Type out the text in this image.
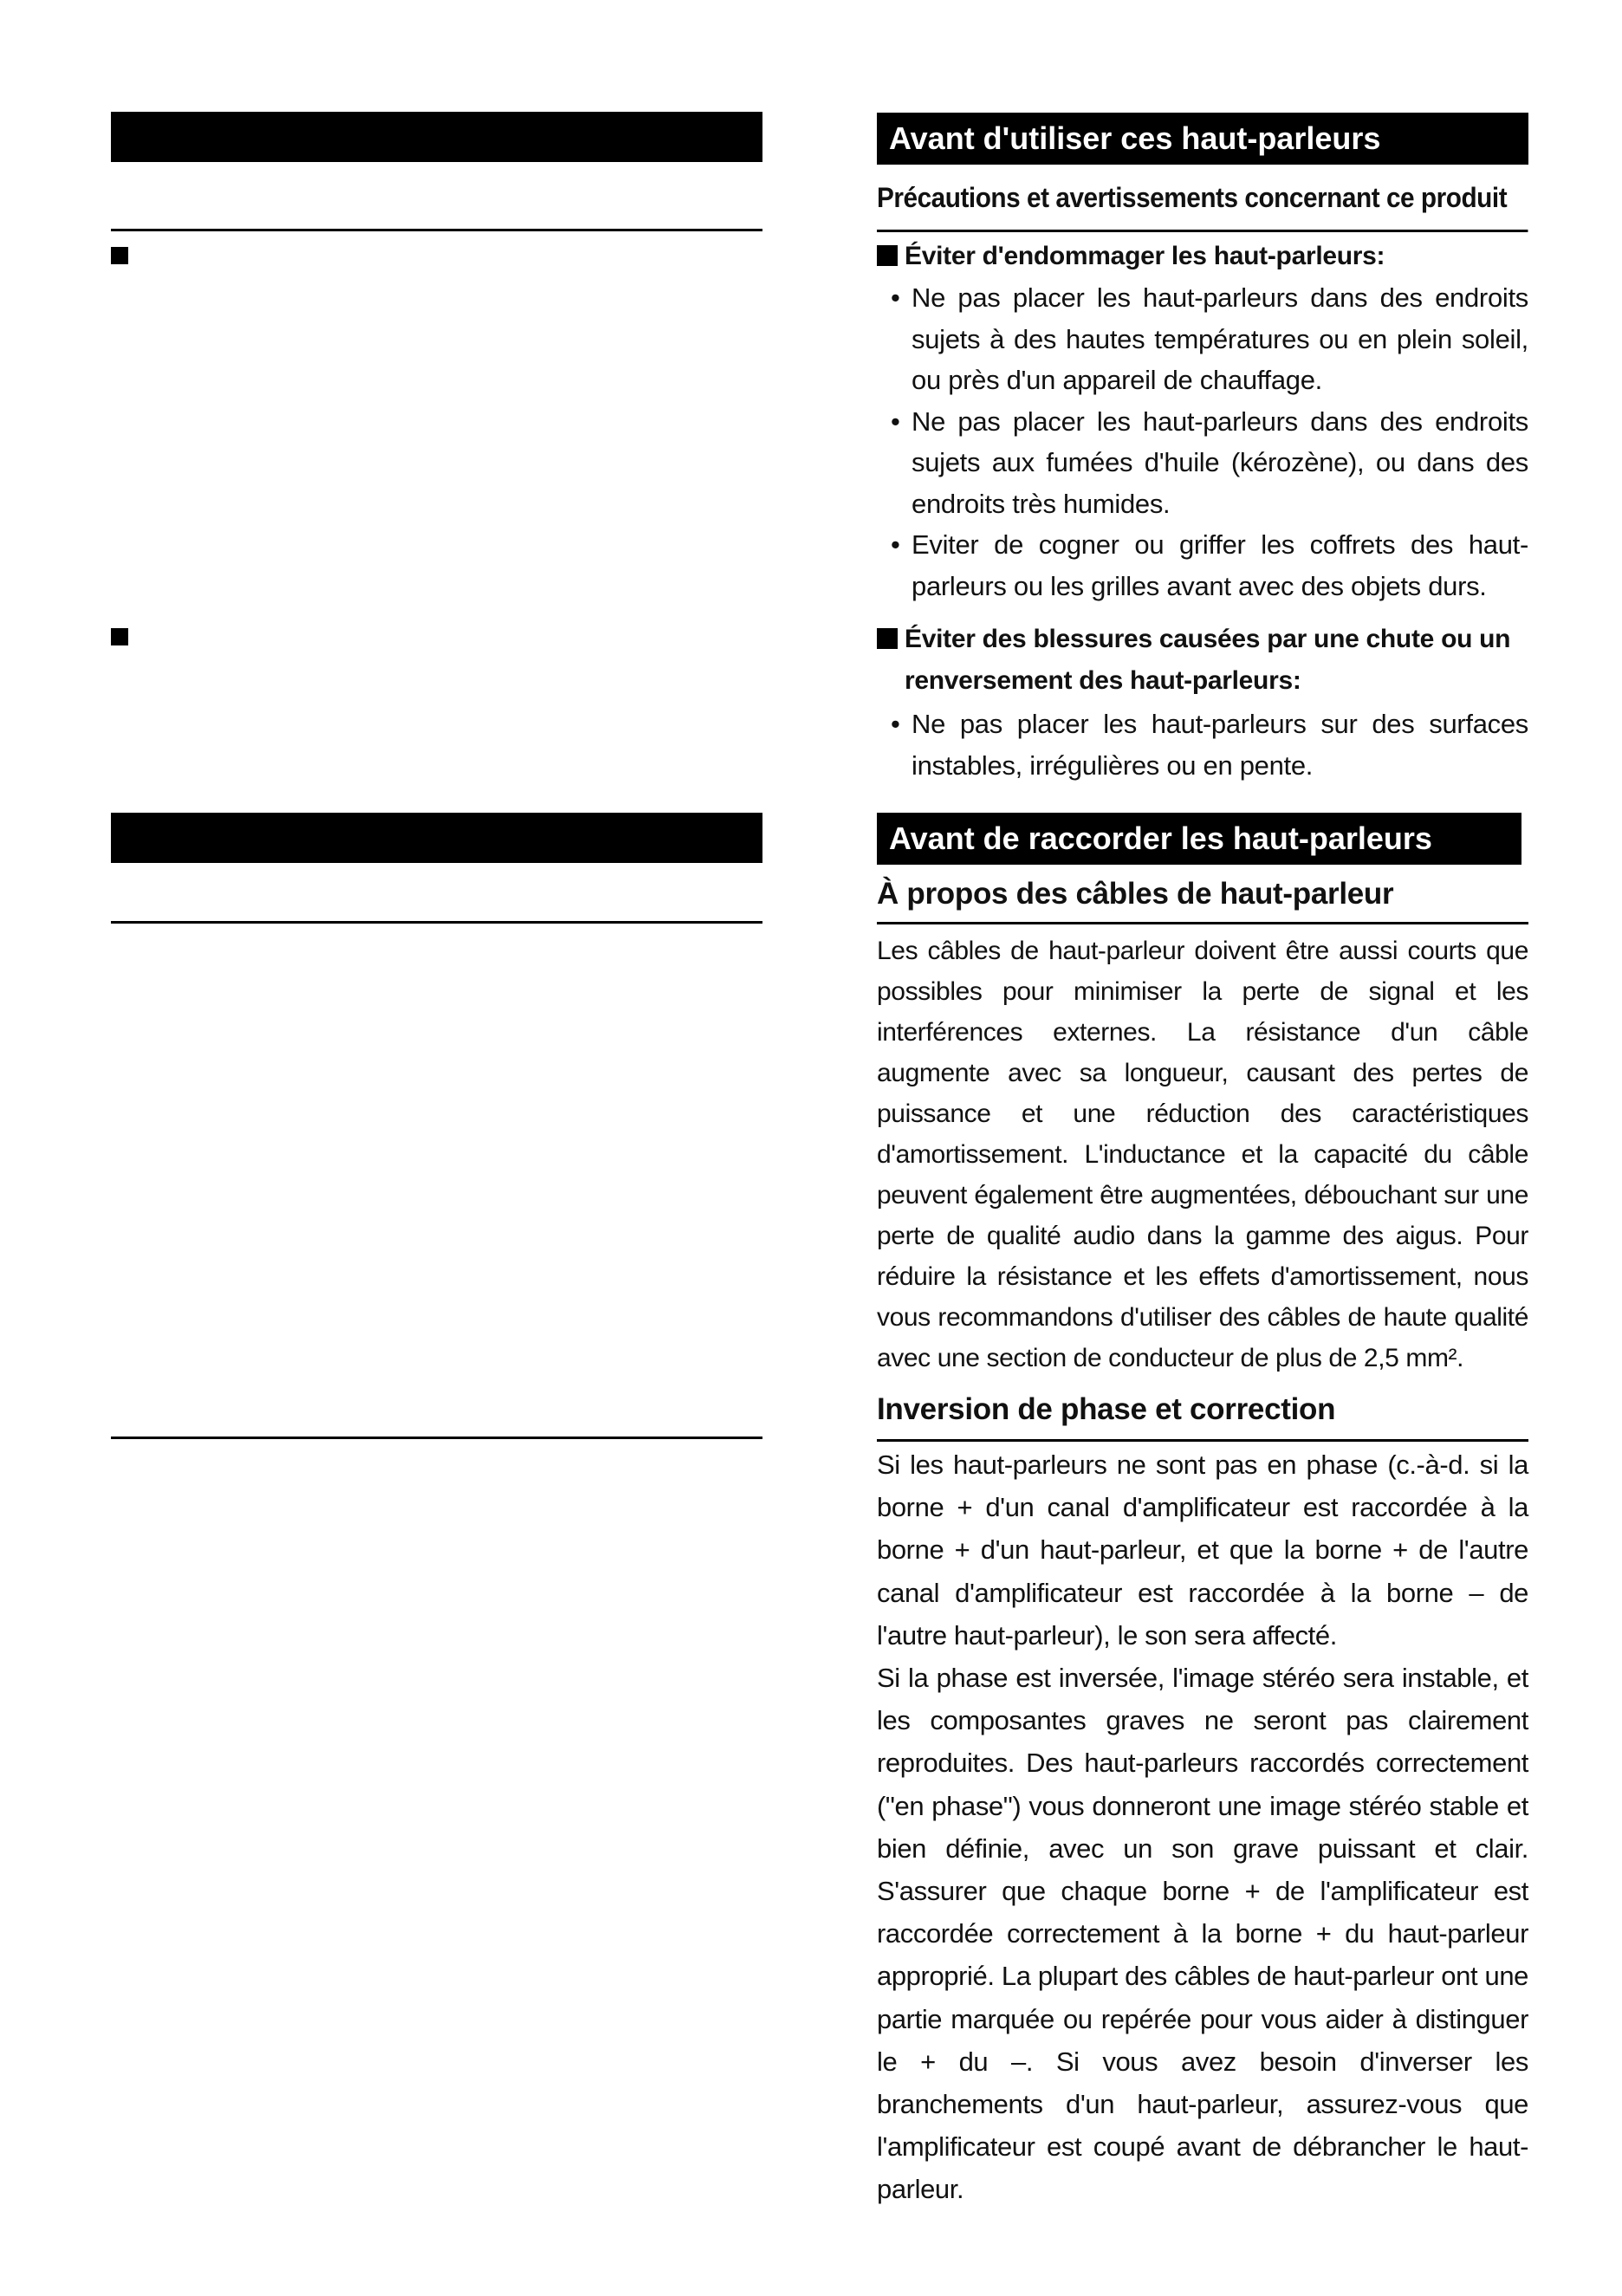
Avant d'utiliser ces haut-parleurs
Précautions et avertissements concernant ce produit
Éviter d'endommager les haut-parleurs:
• Ne pas placer les haut-parleurs dans des endroits sujets à des hautes températures ou en plein soleil, ou près d'un appareil de chauffage.
• Ne pas placer les haut-parleurs dans des endroits sujets aux fumées d'huile (kérozène), ou dans des endroits très humides.
• Eviter de cogner ou griffer les coffrets des haut-parleurs ou les grilles avant avec des objets durs.
Éviter des blessures causées par une chute ou un renversement des haut-parleurs:
• Ne pas placer les haut-parleurs sur des surfaces instables, irrégulières ou en pente.
Avant de raccorder les haut-parleurs
À propos des câbles de haut-parleur
Les câbles de haut-parleur doivent être aussi courts que possibles pour minimiser la perte de signal et les interférences externes. La résistance d'un câble augmente avec sa longueur, causant des pertes de puissance et une réduction des caractéristiques d'amortissement. L'inductance et la capacité du câble peuvent également être augmentées, débouchant sur une perte de qualité audio dans la gamme des aigus. Pour réduire la résistance et les effets d'amortissement, nous vous recommandons d'utiliser des câbles de haute qualité avec une section de conducteur de plus de 2,5 mm².
Inversion de phase et correction
Si les haut-parleurs ne sont pas en phase (c.-à-d. si la borne + d'un canal d'amplificateur est raccordée à la borne + d'un haut-parleur, et que la borne + de l'autre canal d'amplificateur est raccordée à la borne – de l'autre haut-parleur), le son sera affecté.
Si la phase est inversée, l'image stéréo sera instable, et les composantes graves ne seront pas clairement reproduites. Des haut-parleurs raccordés correctement ("en phase") vous donneront une image stéréo stable et bien définie, avec un son grave puissant et clair. S'assurer que chaque borne + de l'amplificateur est raccordée correctement à la borne + du haut-parleur approprié. La plupart des câbles de haut-parleur ont une partie marquée ou repérée pour vous aider à distinguer le + du –. Si vous avez besoin d'inverser les branchements d'un haut-parleur, assurez-vous que l'amplificateur est coupé avant de débrancher le haut-parleur.
